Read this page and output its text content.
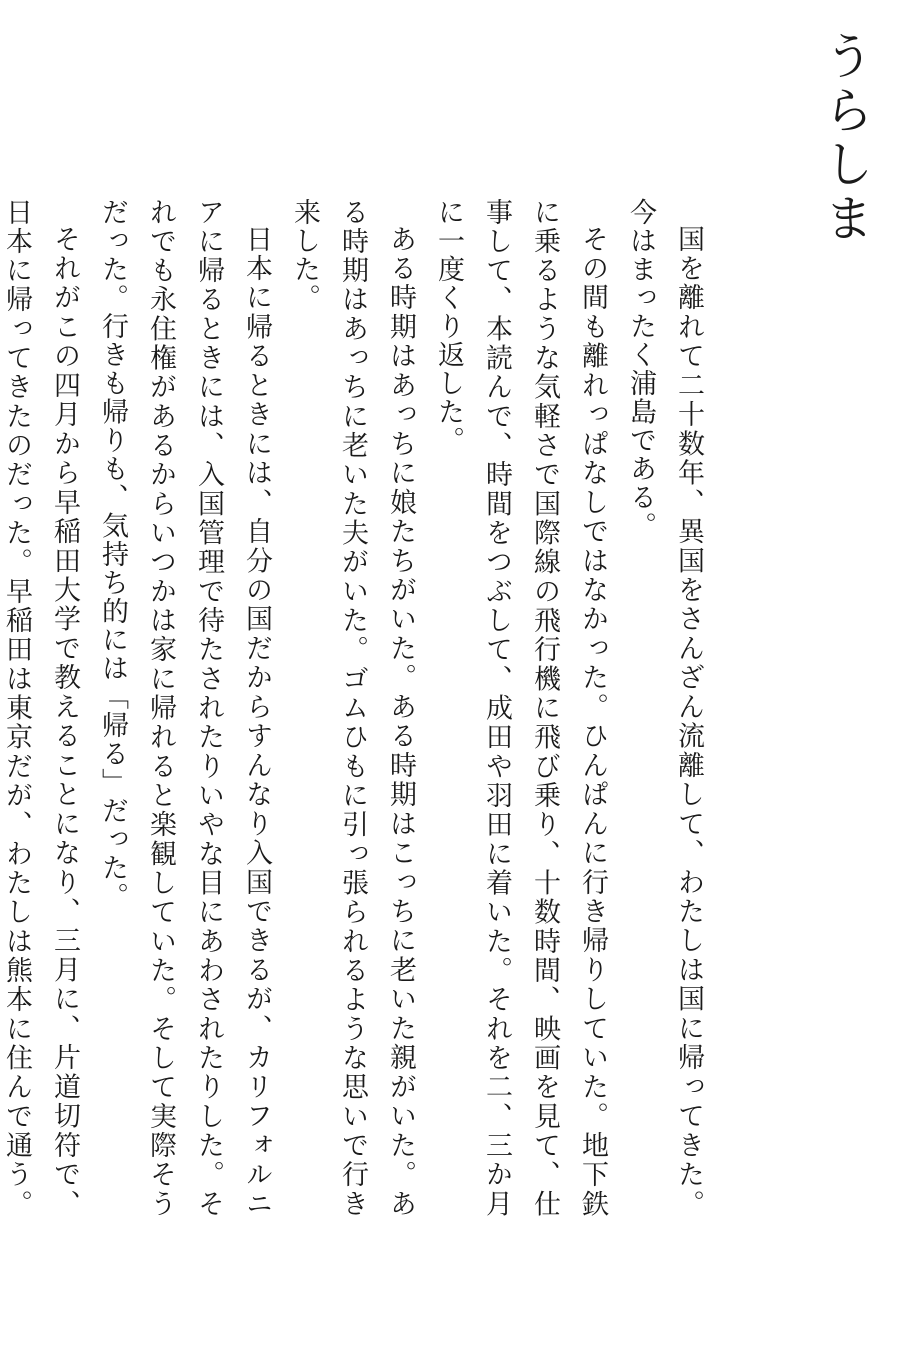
うらしま

国を離れて二十数年、異国をさんざん流離して、わたしは国に帰ってきた。今はまったく浦島である。

その間も離れっぱなしではなかった。ひんぱんに行き帰りしていた。地下鉄に乗るような気軽さで国際線の飛行機に飛び乗り、十数時間、映画を見て、仕事して、本読んで、時間をつぶして、成田や羽田に着いた。それを二、三か月に一度くり返した。

ある時期はあっちに娘たちがいた。ある時期はこっちに老いた親がいた。ある時期はあっちに老いた夫がいた。ゴムひもに引っ張られるような思いで行き来した。

日本に帰るときには、自分の国だからすんなり入国できるが、カリフォルニアに帰るときには、入国管理で待たされたりいやな目にあわされたりした。それでも永住権があるからいつかは家に帰れると楽観していた。そして実際そうだった。行きも帰りも、気持ち的には「帰る」だった。

それがこの四月から早稲田大学で教えることになり、三月に、片道切符で、日本に帰ってきたのだった。早稲田は東京だが、わたしは熊本に住んで通う。
